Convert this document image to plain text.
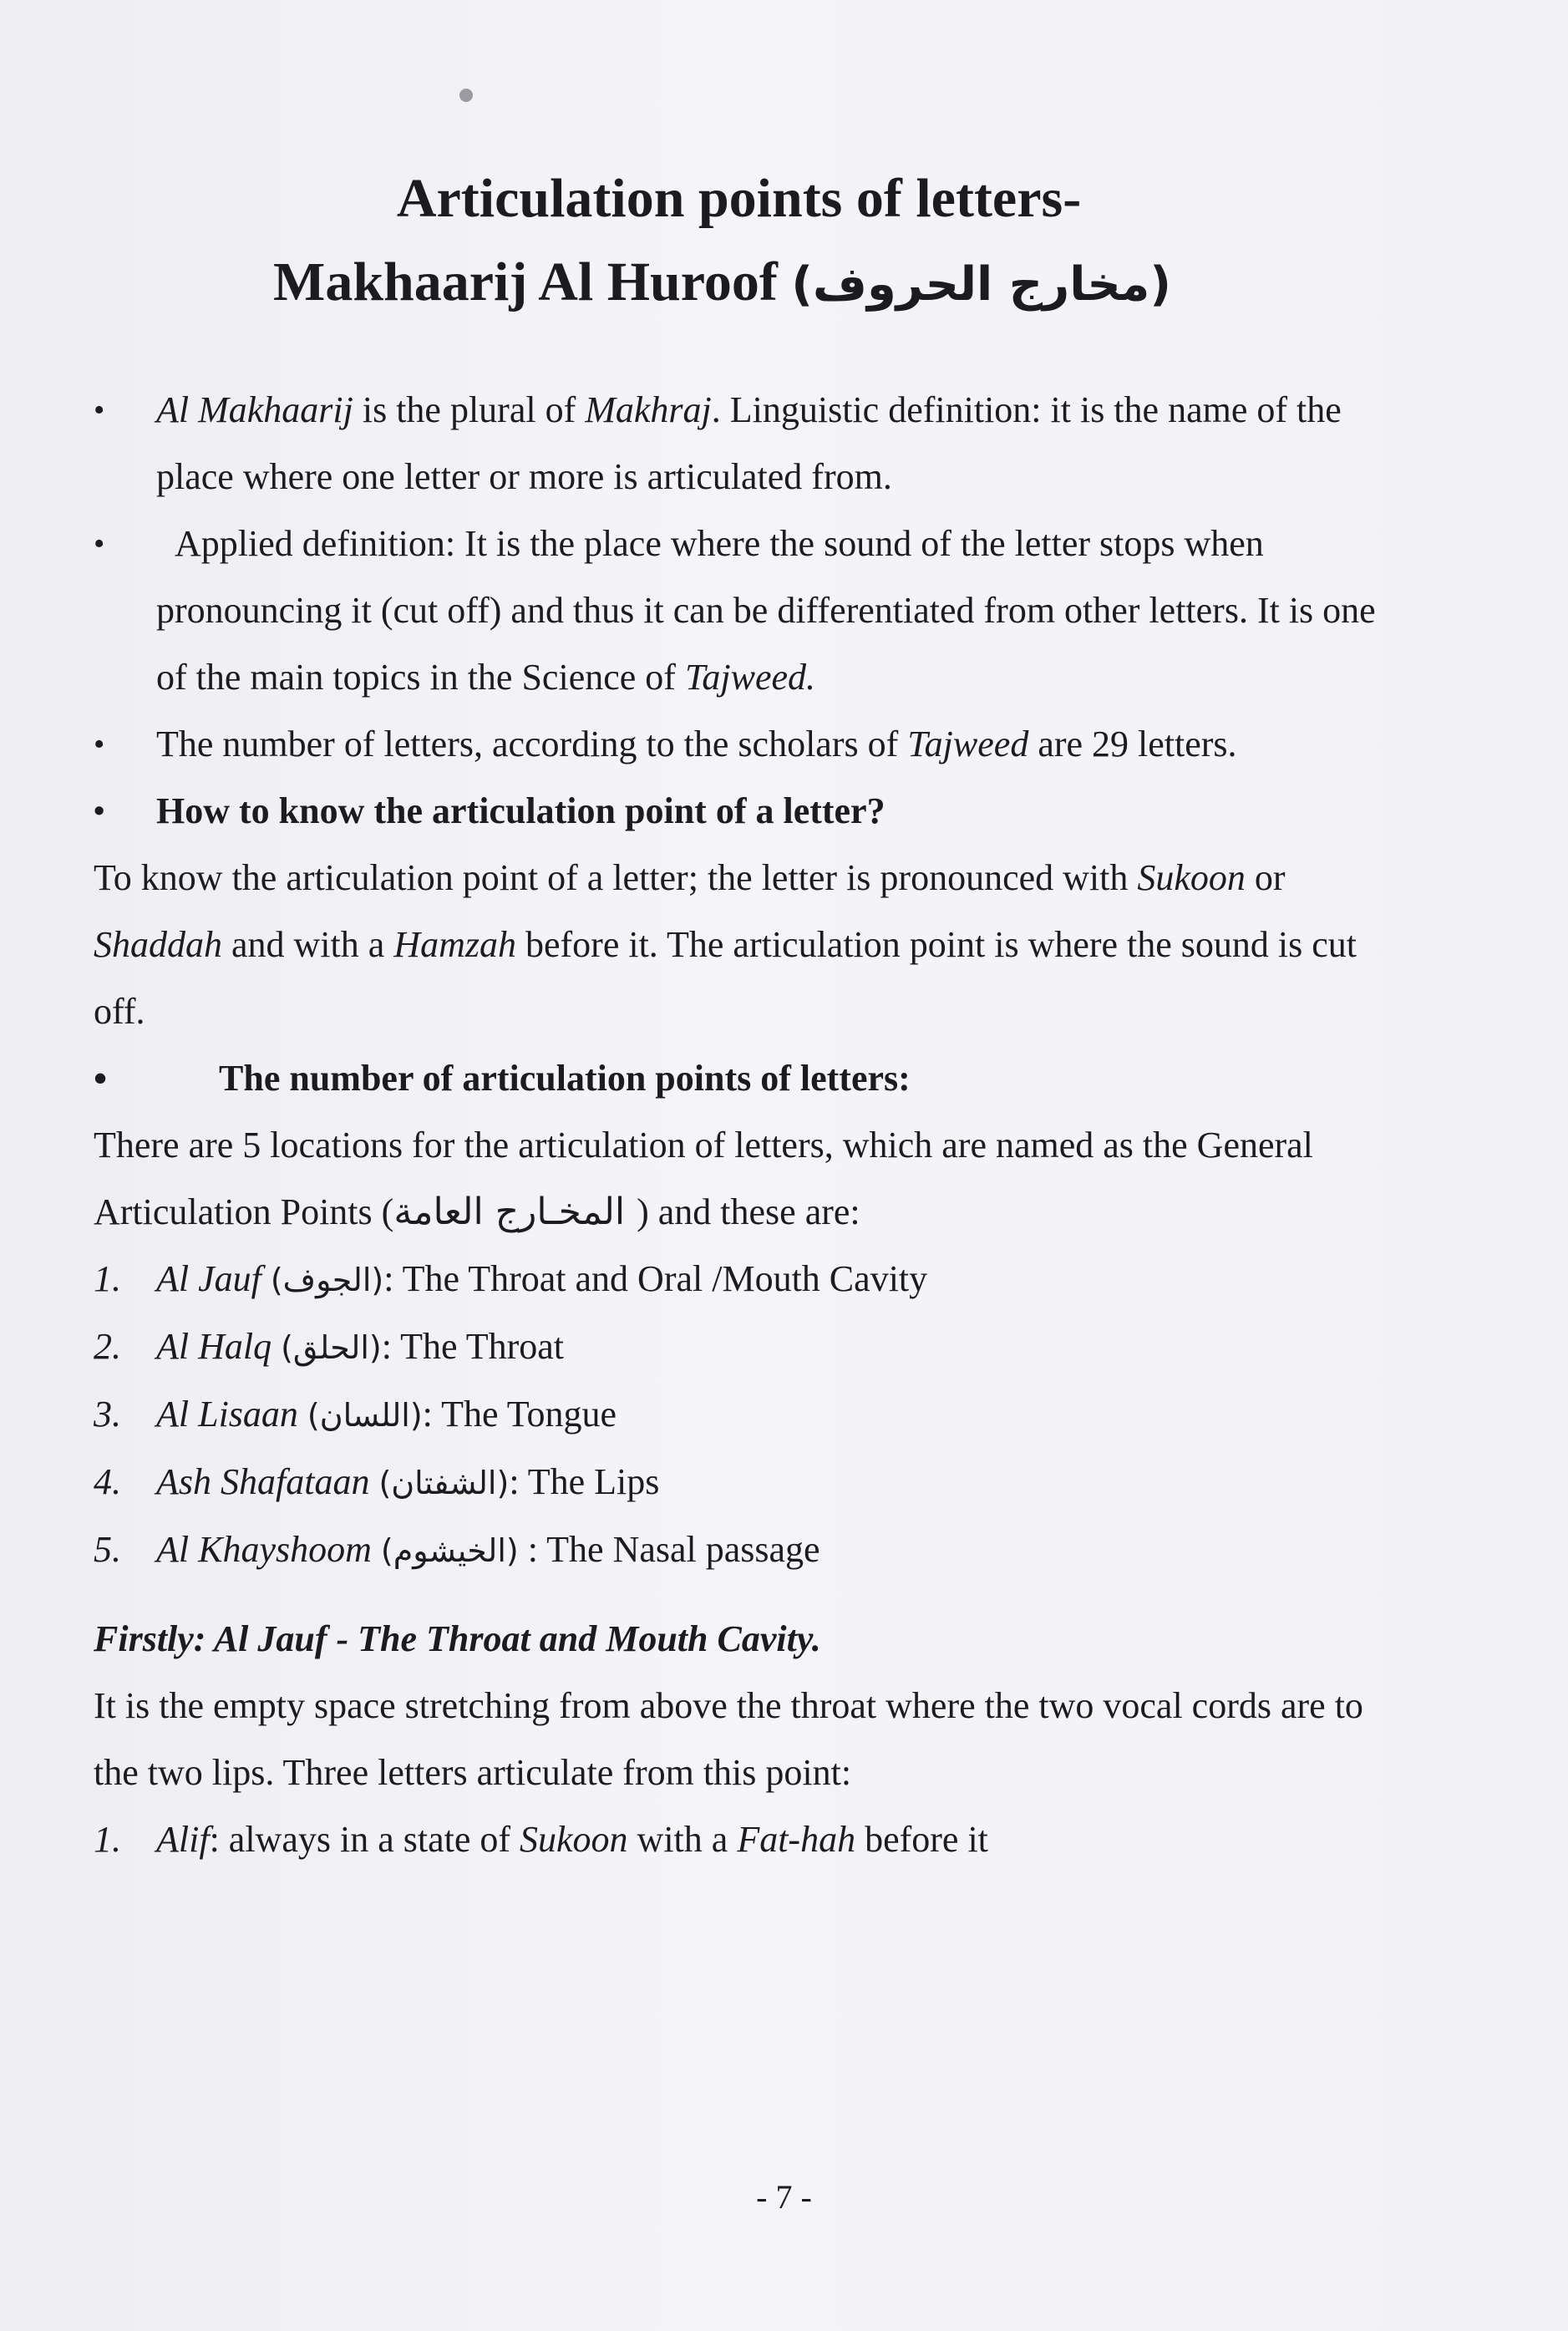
Articulation points of letters-
Makhaarij Al Huroof (مخارج الحروف)
• Al Makhaarij is the plural of Makhraj. Linguistic definition: it is the name of the place where one letter or more is articulated from.
• Applied definition: It is the place where the sound of the letter stops when pronouncing it (cut off) and thus it can be differentiated from other letters. It is one of the main topics in the Science of Tajweed.
• The number of letters, according to the scholars of Tajweed are 29 letters.
• How to know the articulation point of a letter?

To know the articulation point of a letter; the letter is pronounced with Sukoon or Shaddah and with a Hamzah before it. The articulation point is where the sound is cut off.

• The number of articulation points of letters:

There are 5 locations for the articulation of letters, which are named as the General Articulation Points ( المخـارج العامة) and these are:

1. Al Jauf (الجوف): The Throat and Oral /Mouth Cavity
2. Al Halq (الحلق): The Throat
3. Al Lisaan (اللسان): The Tongue
4. Ash Shafataan (الشفتان): The Lips
5. Al Khayshoom (الخيشوم) : The Nasal passage
Firstly: Al Jauf - The Throat and Mouth Cavity.

It is the empty space stretching from above the throat where the two vocal cords are to the two lips. Three letters articulate from this point:

1. Alif: always in a state of Sukoon with a Fat-hah before it
- 7 -
